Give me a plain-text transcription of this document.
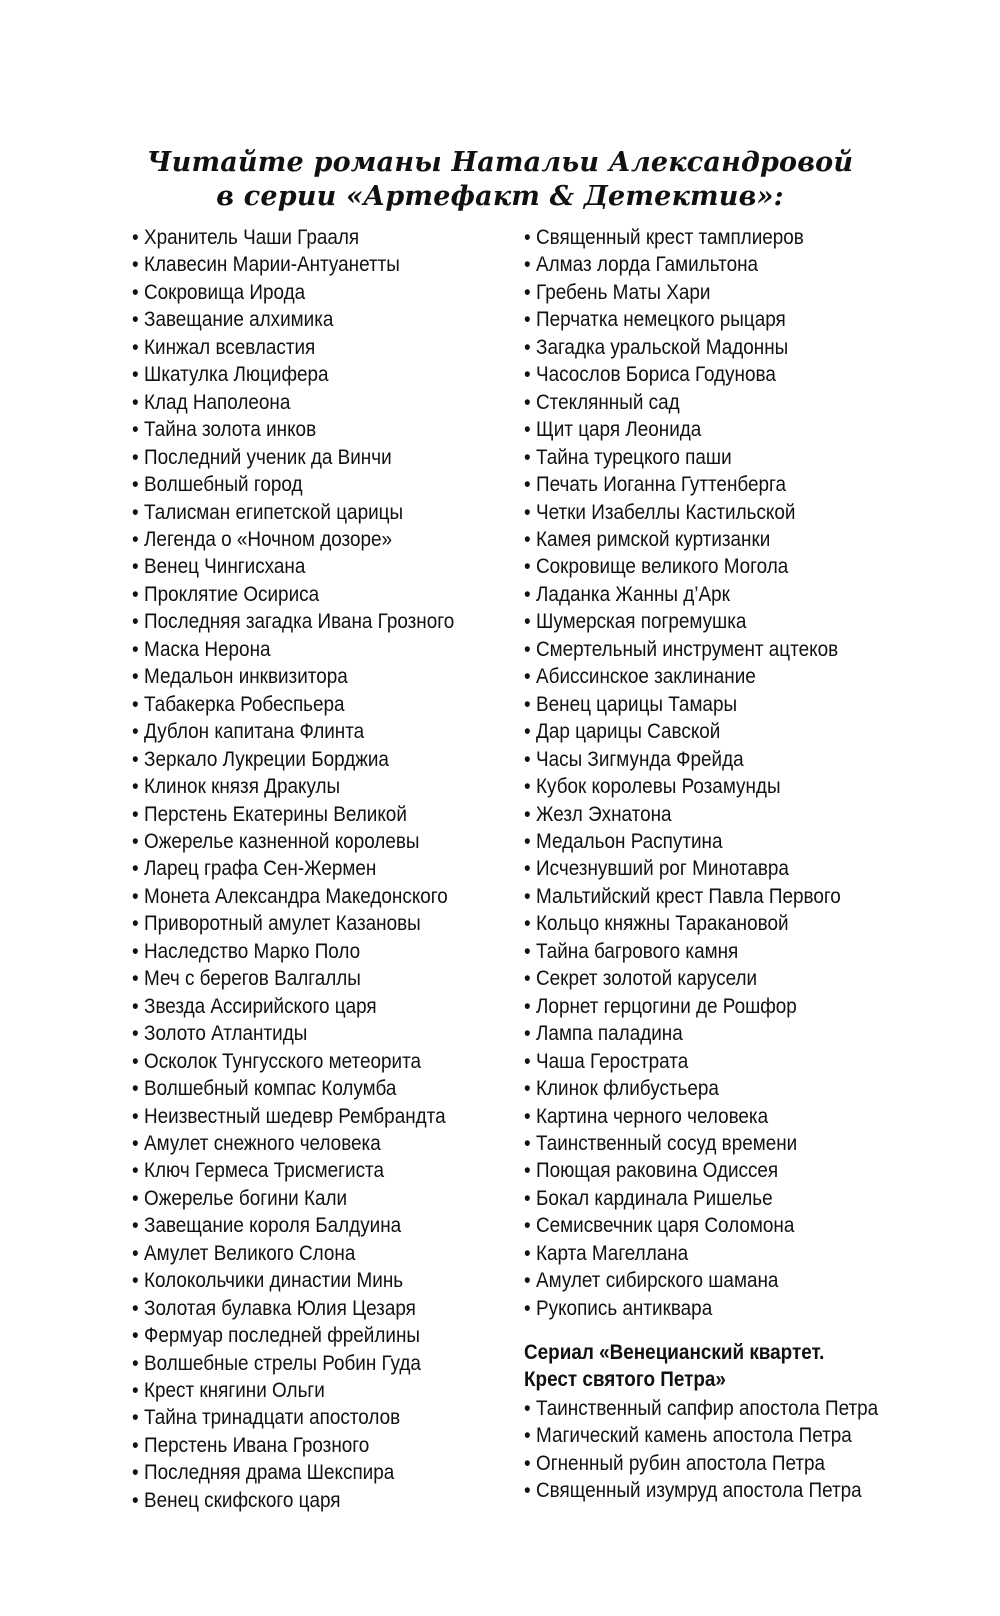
Читайте романы Натальи Александровой
в серии «Артефакт & Детектив»:
• Хранитель Чаши Грааля
• Клавесин Марии-Антуанетты
• Сокровища Ирода
• Завещание алхимика
• Кинжал всевластия
• Шкатулка Люцифера
• Клад Наполеона
• Тайна золота инков
• Последний ученик да Винчи
• Волшебный город
• Талисман египетской царицы
• Легенда о «Ночном дозоре»
• Венец Чингисхана
• Проклятие Осириса
• Последняя загадка Ивана Грозного
• Маска Нерона
• Медальон инквизитора
• Табакерка Робеспьера
• Дублон капитана Флинта
• Зеркало Лукреции Борджиа
• Клинок князя Дракулы
• Перстень Екатерины Великой
• Ожерелье казненной королевы
• Ларец графа Сен-Жермен
• Монета Александра Македонского
• Приворотный амулет Казановы
• Наследство Марко Поло
• Меч с берегов Валгаллы
• Звезда Ассирийского царя
• Золото Атлантиды
• Осколок Тунгусского метеорита
• Волшебный компас Колумба
• Неизвестный шедевр Рембрандта
• Амулет снежного человека
• Ключ Гермеса Трисмегиста
• Ожерелье богини Кали
• Завещание короля Балдуина
• Амулет Великого Слона
• Колокольчики династии Минь
• Золотая булавка Юлия Цезаря
• Фермуар последней фрейлины
• Волшебные стрелы Робин Гуда
• Крест княгини Ольги
• Тайна тринадцати апостолов
• Перстень Ивана Грозного
• Последняя драма Шекспира
• Венец скифского царя
• Священный крест тамплиеров
• Алмаз лорда Гамильтона
• Гребень Маты Хари
• Перчатка немецкого рыцаря
• Загадка уральской Мадонны
• Часослов Бориса Годунова
• Стеклянный сад
• Щит царя Леонида
• Тайна турецкого паши
• Печать Иоганна Гуттенберга
• Четки Изабеллы Кастильской
• Камея римской куртизанки
• Сокровище великого Могола
• Ладанка Жанны д’Арк
• Шумерская погремушка
• Смертельный инструмент ацтеков
• Абиссинское заклинание
• Венец царицы Тамары
• Дар царицы Савской
• Часы Зигмунда Фрейда
• Кубок королевы Розамунды
• Жезл Эхнатона
• Медальон Распутина
• Исчезнувший рог Минотавра
• Мальтийский крест Павла Первого
• Кольцо княжны Таракановой
• Тайна багрового камня
• Секрет золотой карусели
• Лорнет герцогини де Рошфор
• Лампа паладина
• Чаша Герострата
• Клинок флибустьера
• Картина черного человека
• Таинственный сосуд времени
• Поющая раковина Одиссея
• Бокал кардинала Ришелье
• Семисвечник царя Соломона
• Карта Магеллана
• Амулет сибирского шамана
• Рукопись антиквара
Сериал «Венецианский квартет.
Крест святого Петра»
• Таинственный сапфир апостола Петра
• Магический камень апостола Петра
• Огненный рубин апостола Петра
• Священный изумруд апостола Петра
